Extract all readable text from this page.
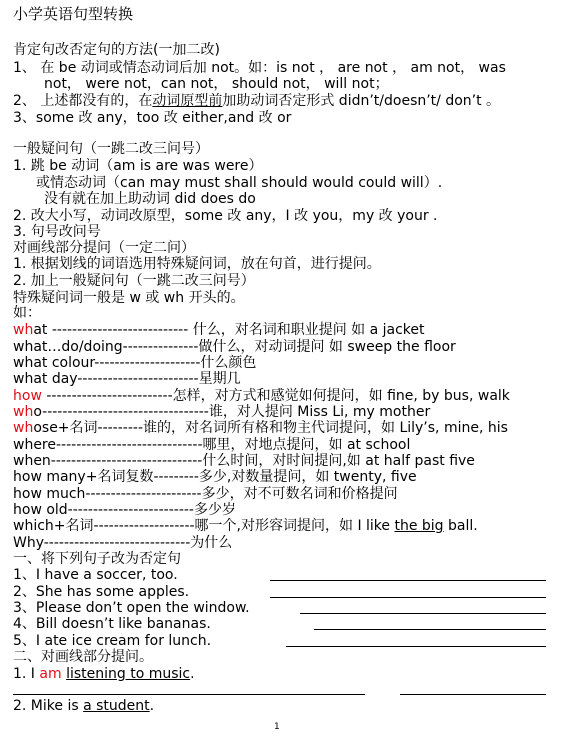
小学英语句型转换
肯定句改否定句的方法(一加二改)
1、 在 be 动词或情态动词后加 not。如：is not ， are not ， am not， was
not， were not，can not， should not， will not；
2、 上述都没有的，在动词原型前加助动词否定形式 didn’t/doesn’t/ don’t 。
3、some 改 any，too 改 either,and 改 or
一般疑问句（一跳二改三问号）
1. 跳 be 动词（am is are was were）
或情态动词（can may must shall should would could will）.
没有就在加上助动词 did does do
2. 改大小写，动词改原型，some 改 any，I 改 you，my 改 your .
3. 句号改问号
对画线部分提问（一定二问）
1. 根据划线的词语选用特殊疑问词，放在句首，进行提问。
2. 加上一般疑问句（一跳二改三问号）
特殊疑问词一般是 w 或 wh 开头的。
如：
what --------------------------- 什么，对名词和职业提问 如 a jacket
what…do/doing---------------做什么，对动词提问 如 sweep the floor
what colour---------------------什么颜色
what day------------------------星期几
how -------------------------怎样，对方式和感觉如何提问，如 fine, by bus, walk
who---------------------------------谁，对人提问 Miss Li, my mother
whose+名词---------谁的，对名词所有格和物主代词提问，如 Lily’s, mine, his
where-----------------------------哪里，对地点提问，如 at school
when------------------------------什么时间，对时间提问,如 at half past five
how many+名词复数---------多少,对数量提问，如 twenty, five
how much-----------------------多少，对不可数名词和价格提问
how old-------------------------多少岁
which+名词--------------------哪一个,对形容词提问，如 I like the big ball.
Why-----------------------------为什么
一、将下列句子改为否定句
1、I have a soccer, too.
2、She has some apples.
3、Please don’t open the window.
4、Bill doesn’t like bananas.
5、I ate ice cream for lunch.
二、对画线部分提问。
1. I am listening to music.
2. Mike is a student.
1
